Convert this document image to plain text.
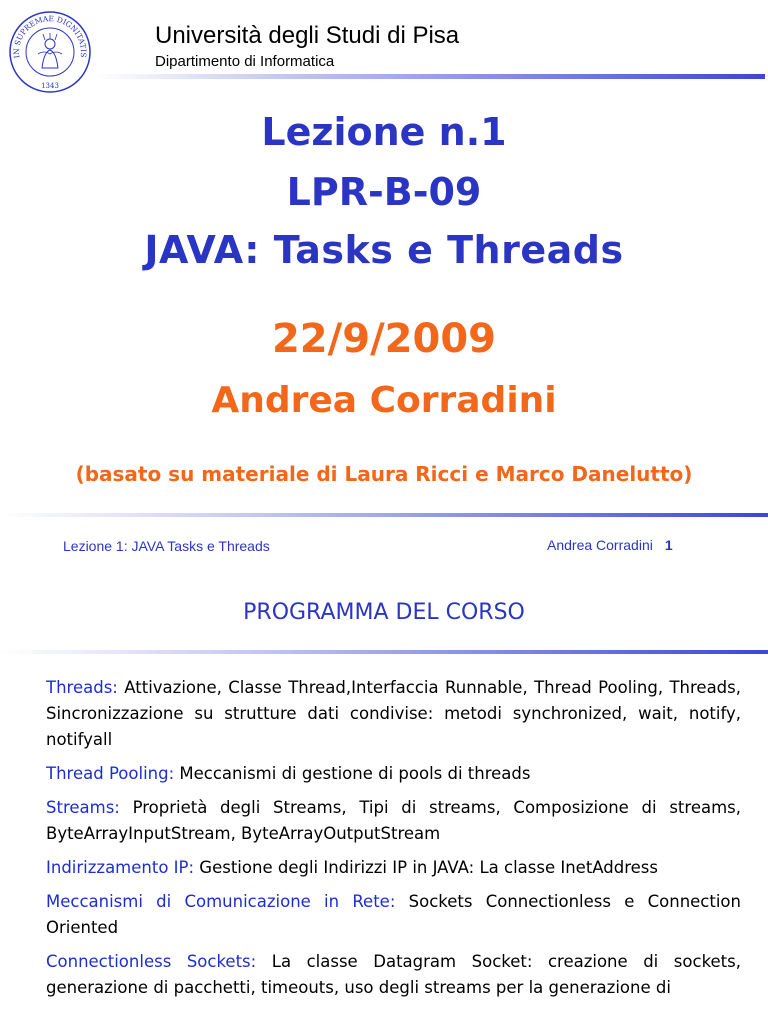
IN SUPREMAE DIGNITATIS
1343
Università degli Studi di Pisa
Dipartimento di Informatica
Lezione n.1
LPR-B-09
JAVA: Tasks e Threads
22/9/2009
Andrea Corradini
(basato su materiale di Laura Ricci e Marco Danelutto)
Lezione 1: JAVA Tasks e Threads	Andrea Corradini 1
PROGRAMMA DEL CORSO

Threads: Attivazione, Classe Thread,Interfaccia Runnable, Thread Pooling, Threads, Sincronizzazione su strutture dati condivise: metodi synchronized, wait, notify, notifyall

Thread Pooling: Meccanismi di gestione di pools di threads

Streams: Proprietà degli Streams, Tipi di streams, Composizione di streams, ByteArrayInputStream, ByteArrayOutputStream

Indirizzamento IP: Gestione degli Indirizzi IP in JAVA: La classe InetAddress

Meccanismi di Comunicazione in Rete: Sockets Connectionless e Connection Oriented

Connectionless Sockets: La classe Datagram Socket: creazione di sockets, generazione di pacchetti, timeouts, uso degli streams per la generazione di
